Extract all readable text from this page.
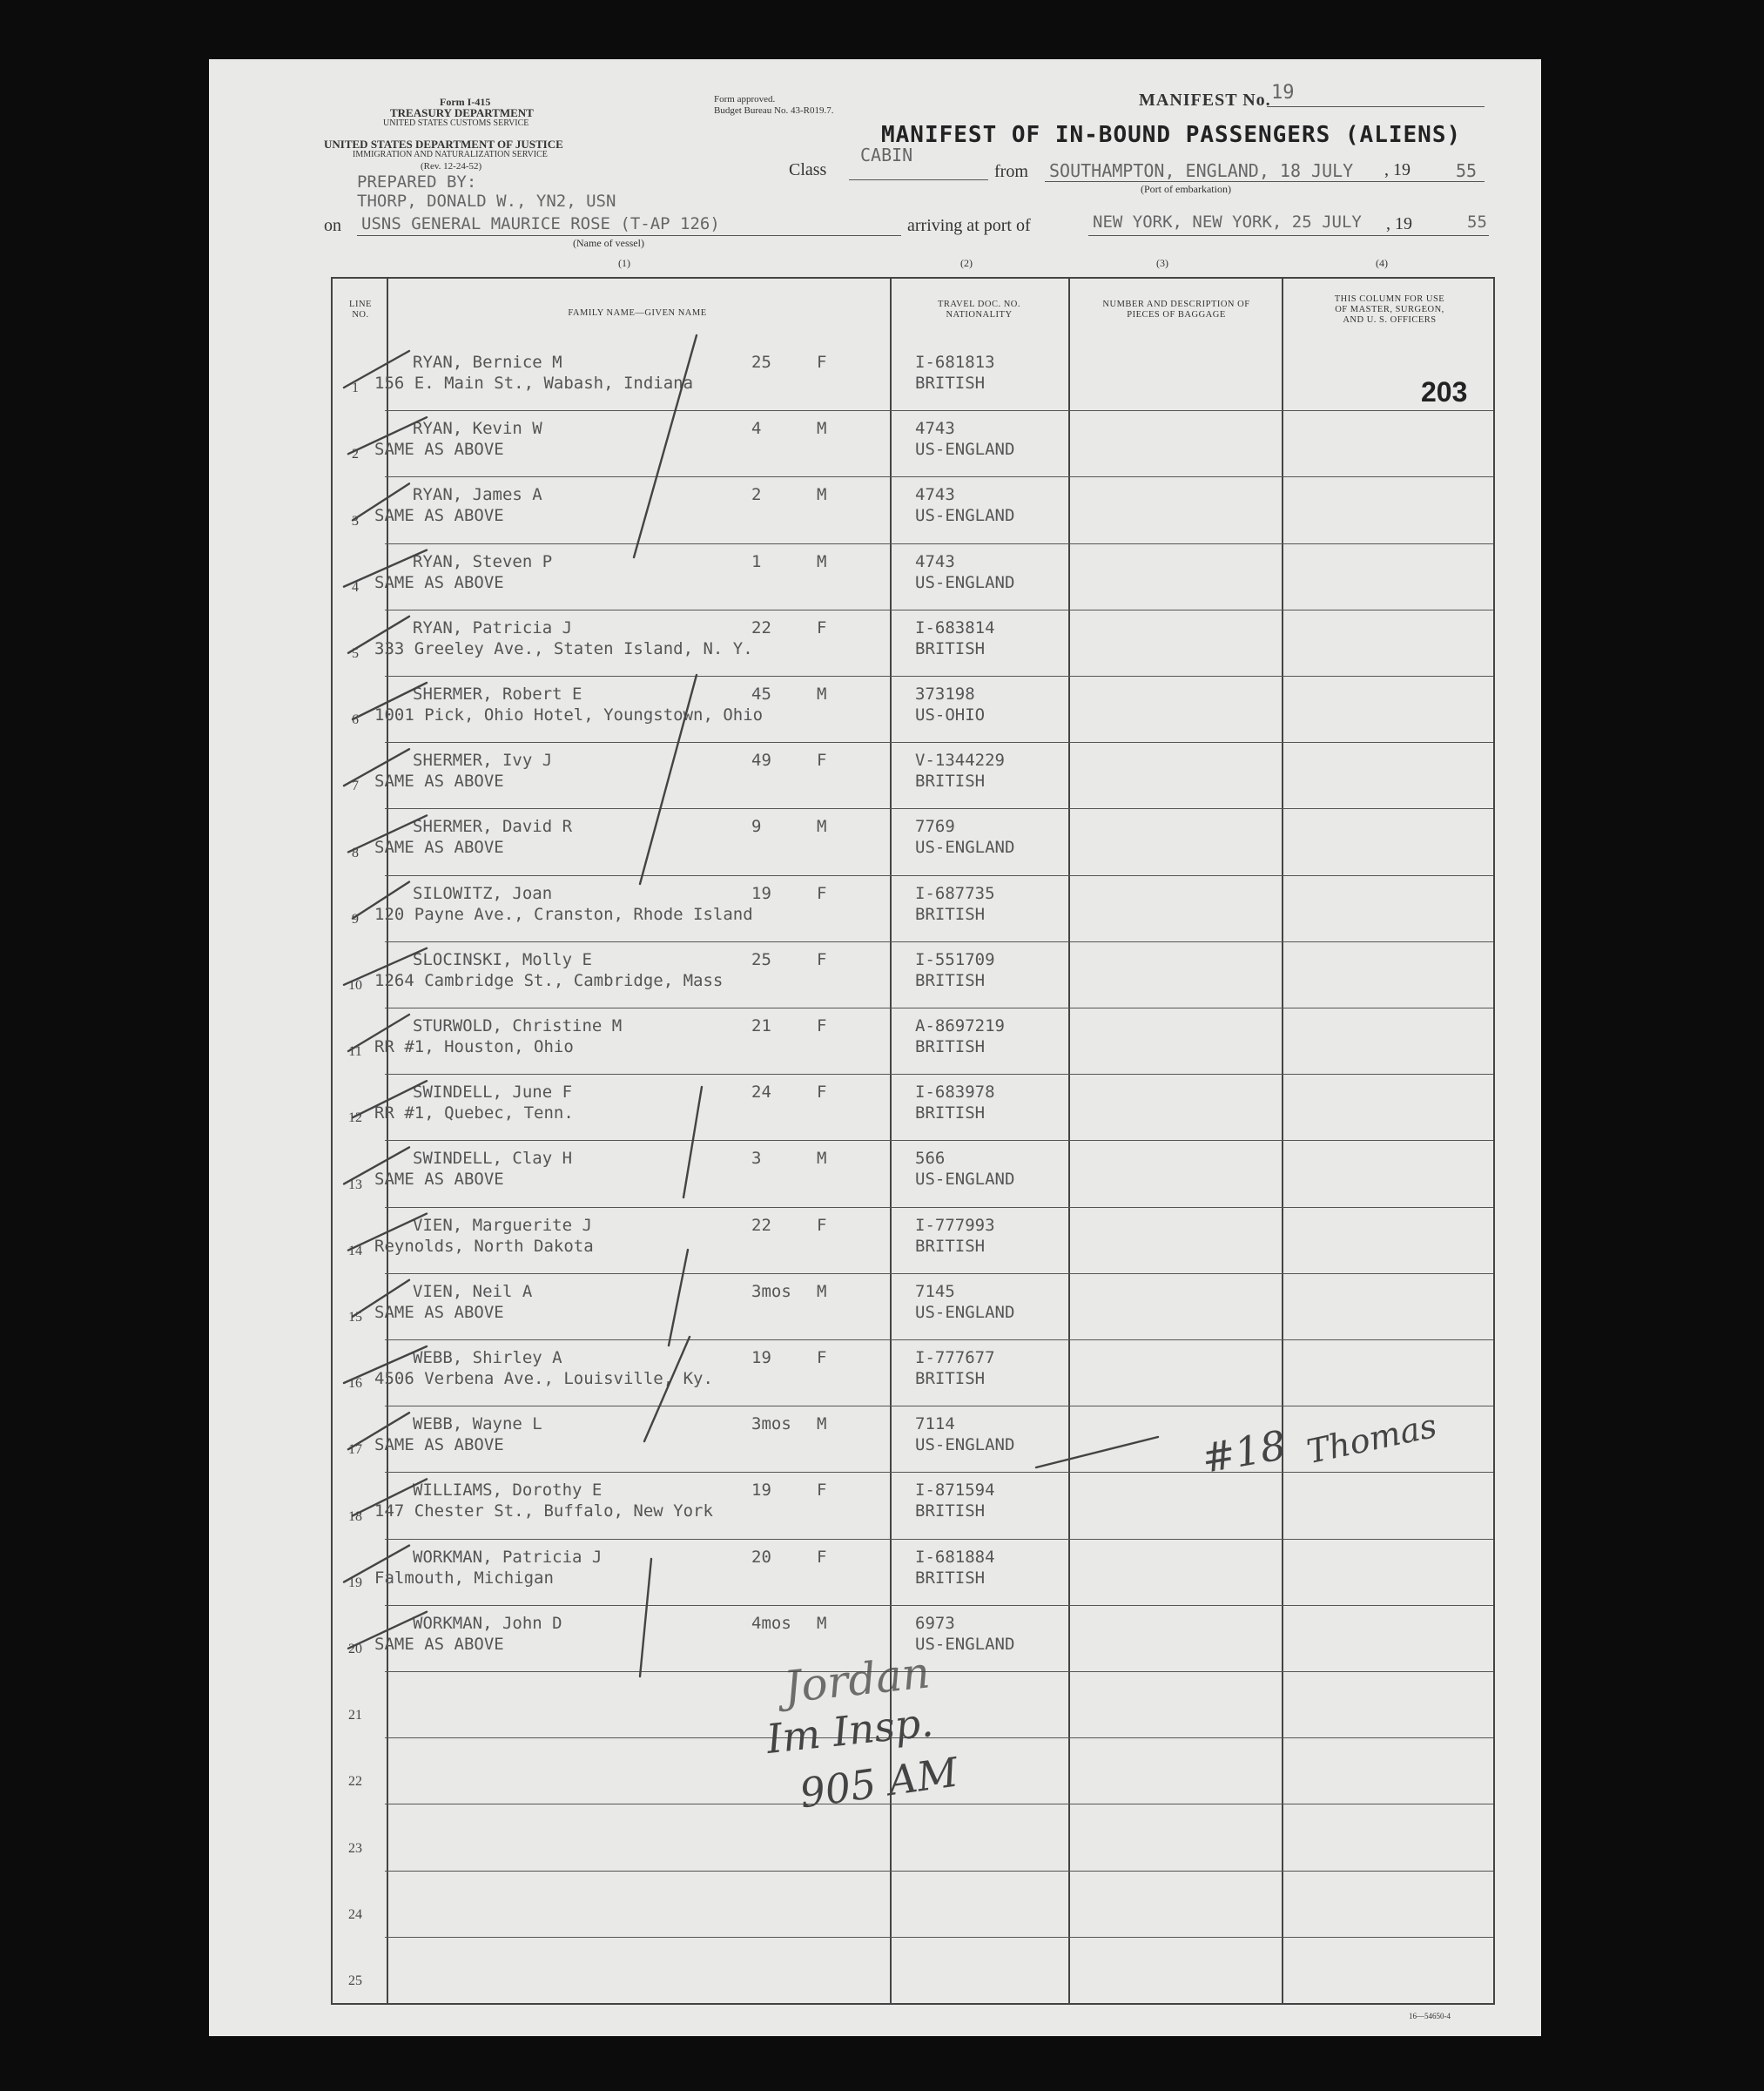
Form I-415
TREASURY DEPARTMENT
UNITED STATES CUSTOMS SERVICE
Form approved.
Budget Bureau No. 43-R019.7.
UNITED STATES DEPARTMENT OF JUSTICE
IMMIGRATION AND NATURALIZATION SERVICE
(Rev. 12-24-52)
MANIFEST No. 19
MANIFEST OF IN-BOUND PASSENGERS (ALIENS)
Class
CABIN
from SOUTHAMPTON, ENGLAND, 18 JULY , 19	55
(Port of embarkation)
PREPARED BY:
THORP, DONALD W., YN2, USN
on USNS GENERAL MAURICE ROSE (T-AP 126)
(Name of vessel)
arriving at port of	NEW YORK, NEW YORK, 25 JULY , 19	55
(1)	(2)	(3)	(4)
LINE
NO.	FAMILY NAME—GIVEN NAME
TRAVEL DOC. NO.
NATIONALITY
NUMBER AND DESCRIPTION OF
PIECES OF BAGGAGE
THIS COLUMN FOR USE
OF MASTER, SURGEON,
AND U. S. OFFICERS
1
RYAN, Bernice M
156 E. Main St., Wabash, Indiana
25	F	I-681813
BRITISH
2
RYAN, Kevin W
SAME AS ABOVE
4	M	4743
US-ENGLAND
3
RYAN, James A
SAME AS ABOVE
2	M	4743
US-ENGLAND
4
RYAN, Steven P
SAME AS ABOVE
1	M	4743
US-ENGLAND
5
RYAN, Patricia J
333 Greeley Ave., Staten Island, N. Y.
22	F	I-683814
BRITISH
6
SHERMER, Robert E
1001 Pick, Ohio Hotel, Youngstown, Ohio
45	M	373198
US-OHIO
7
SHERMER, Ivy J
SAME AS ABOVE
49	F	V-1344229
BRITISH
8
SHERMER, David R
SAME AS ABOVE
9	M	7769
US-ENGLAND
9
SILOWITZ, Joan
120 Payne Ave., Cranston, Rhode Island
19	F	I-687735
BRITISH
10
SLOCINSKI, Molly E
1264 Cambridge St., Cambridge, Mass
25	F	I-551709
BRITISH
11
STURWOLD, Christine M
RR #1, Houston, Ohio
21	F	A-8697219
BRITISH
12
SWINDELL, June F
RR #1, Quebec, Tenn.
24	F	I-683978
BRITISH
13
SWINDELL, Clay H
SAME AS ABOVE
3	M	566
US-ENGLAND
14
VIEN, Marguerite J
Reynolds, North Dakota
22	F	I-777993
BRITISH
15
VIEN, Neil A
SAME AS ABOVE
3mos M	7145
US-ENGLAND
16
WEBB, Shirley A
4506 Verbena Ave., Louisville, Ky.
19	F	I-777677
BRITISH
17
WEBB, Wayne L
SAME AS ABOVE
3mos M	7114
US-ENGLAND
18
WILLIAMS, Dorothy E
147 Chester St., Buffalo, New York
19	F	I-871594
BRITISH
19
WORKMAN, Patricia J
Falmouth, Michigan
20	F	I-681884
BRITISH
20
WORKMAN, John D
SAME AS ABOVE
4mos M	6973
US-ENGLAND
21
22
23
24
25
203
16—54650-4
#18 Thomas
Jordan
Im Insp.
905 AM
